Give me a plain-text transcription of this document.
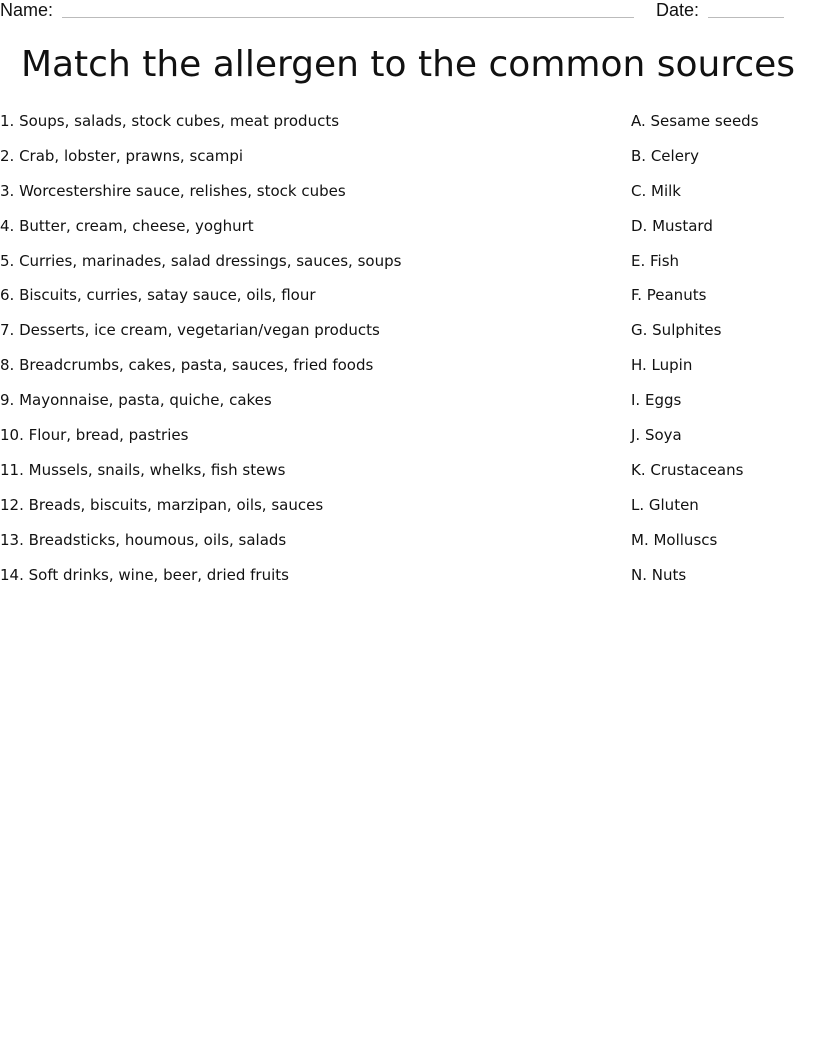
Name:	Date:
Match the allergen to the common sources
1. Soups, salads, stock cubes, meat products
2. Crab, lobster, prawns, scampi
3. Worcestershire sauce, relishes, stock cubes
4. Butter, cream, cheese, yoghurt
5. Curries, marinades, salad dressings, sauces, soups
6. Biscuits, curries, satay sauce, oils, flour
7. Desserts, ice cream, vegetarian/vegan products
8. Breadcrumbs, cakes, pasta, sauces, fried foods
9. Mayonnaise, pasta, quiche, cakes
10. Flour, bread, pastries
11. Mussels, snails, whelks, fish stews
12. Breads, biscuits, marzipan, oils, sauces
13. Breadsticks, houmous, oils, salads
14. Soft drinks, wine, beer, dried fruits
A. Sesame seeds
B. Celery
C. Milk
D. Mustard
E. Fish
F. Peanuts
G. Sulphites
H. Lupin
I. Eggs
J. Soya
K. Crustaceans
L. Gluten
M. Molluscs
N. Nuts
